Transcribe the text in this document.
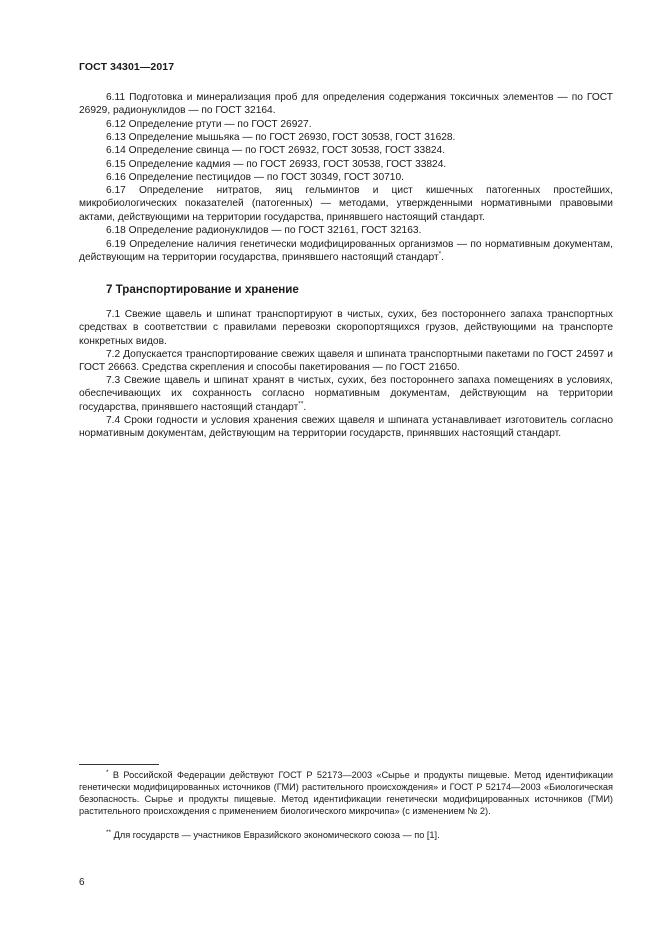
ГОСТ 34301—2017

6.11 Подготовка и минерализация проб для определения содержания токсичных элементов — по ГОСТ 26929, радионуклидов — по ГОСТ 32164.

6.12 Определение ртути — по ГОСТ 26927.

6.13 Определение мышьяка — по ГОСТ 26930, ГОСТ 30538, ГОСТ 31628.

6.14 Определение свинца — по ГОСТ 26932, ГОСТ 30538, ГОСТ 33824.

6.15 Определение кадмия — по ГОСТ 26933, ГОСТ 30538, ГОСТ 33824.

6.16 Определение пестицидов — по ГОСТ 30349, ГОСТ 30710.

6.17 Определение нитратов, яиц гельминтов и цист кишечных патогенных простейших, микробиологических показателей (патогенных) — методами, утвержденными нормативными правовыми актами, действующими на территории государства, принявшего настоящий стандарт.

6.18 Определение радионуклидов — по ГОСТ 32161, ГОСТ 32163.

6.19 Определение наличия генетически модифицированных организмов — по нормативным документам, действующим на территории государства, принявшего настоящий стандарт*.

7 Транспортирование и хранение

7.1 Свежие щавель и шпинат транспортируют в чистых, сухих, без постороннего запаха транспортных средствах в соответствии с правилами перевозки скоропортящихся грузов, действующими на транспорте конкретных видов.

7.2 Допускается транспортирование свежих щавеля и шпината транспортными пакетами по ГОСТ 24597 и ГОСТ 26663. Средства скрепления и способы пакетирования — по ГОСТ 21650.

7.3 Свежие щавель и шпинат хранят в чистых, сухих, без постороннего запаха помещениях в условиях, обеспечивающих их сохранность согласно нормативным документам, действующим на территории государства, принявшего настоящий стандарт**.

7.4 Сроки годности и условия хранения свежих щавеля и шпината устанавливает изготовитель согласно нормативным документам, действующим на территории государств, принявших настоящий стандарт.

* В Российской Федерации действуют ГОСТ Р 52173—2003 «Сырье и продукты пищевые. Метод идентификации генетически модифицированных источников (ГМИ) растительного происхождения» и ГОСТ Р 52174—2003 «Биологическая безопасность. Сырье и продукты пищевые. Метод идентификации генетически модифицированных источников (ГМИ) растительного происхождения с применением биологического микрочипа» (с изменением № 2).

** Для государств — участников Евразийского экономического союза — по [1].

6
